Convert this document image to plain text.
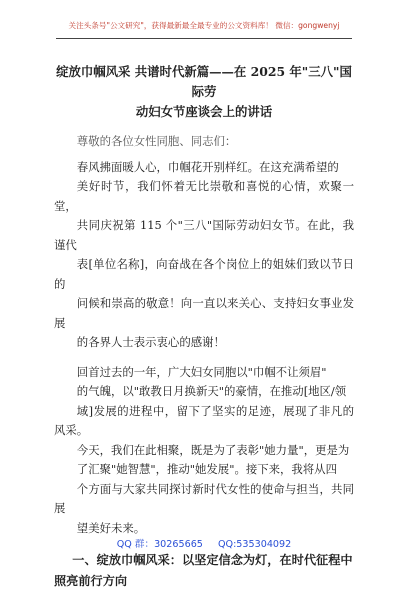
关注头条号"公文研究"，获得最新最全最专业的公文资料库！ 微信：gongwenyj
绽放巾帼风采 共谱时代新篇——在 2025 年"三八"国际劳
动妇女节座谈会上的讲话
尊敬的各位女性同胞、同志们：
春风拂面暖人心，巾帼花开别样红。在这充满希望的
美好时节，我们怀着无比崇敬和喜悦的心情，欢聚一堂，
共同庆祝第 115 个"三八"国际劳动妇女节。在此，我谨代
表[单位名称]，向奋战在各个岗位上的姐妹们致以节日的
问候和崇高的敬意！向一直以来关心、支持妇女事业发展
的各界人士表示衷心的感谢！
回首过去的一年，广大妇女同胞以"巾帼不让须眉"
的气魄，以"敢教日月换新天"的豪情，在推动[地区/领
域]发展的进程中，留下了坚实的足迹，展现了非凡的风采。
今天，我们在此相聚，既是为了表彰"她力量"，更是为
了汇聚"她智慧"，推动"她发展"。接下来，我将从四
个方面与大家共同探讨新时代女性的使命与担当，共同展
望美好未来。
一、绽放巾帼风采：以坚定信念为灯，在时代征程中
照亮前行方向
QQ 群：30265665 QQ:535304092
